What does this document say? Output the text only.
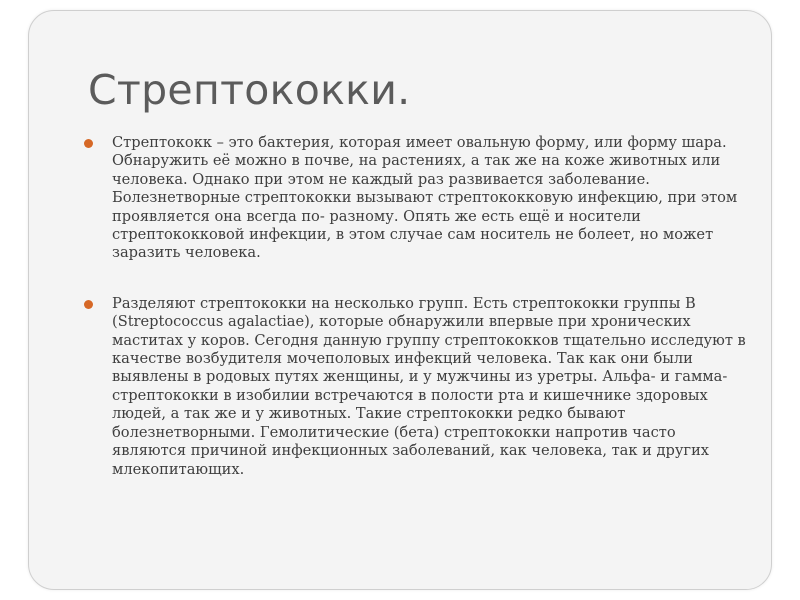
Стрептококки.
Стрептококк – это бактерия, которая имеет овальную форму, или форму шара. Обнаружить её можно в почве, на растениях, а так же на коже животных или человека. Однако при этом не каждый раз развивается заболевание. Болезнетворные стрептококки вызывают стрептококковую инфекцию, при этом проявляется она всегда по- разному. Опять же есть ещё и носители стрептококковой инфекции, в этом случае сам носитель не болеет, но может заразить человека.
Разделяют стрептококки на несколько групп. Есть стрептококки группы В (Streptococcus agalactiae), которые обнаружили впервые при хронических маститах у коров. Сегодня данную группу стрептококков тщательно исследуют в качестве возбудителя мочеполовых инфекций человека. Так как они были выявлены в родовых путях женщины, и у мужчины из уретры. Альфа- и гамма- стрептококки в изобилии встречаются в полости рта и кишечнике здоровых людей, а так же и у животных. Такие стрептококки редко бывают болезнетворными. Гемолитические (бета) стрептококки напротив часто являются причиной инфекционных заболеваний, как человека, так и других млекопитающих.
